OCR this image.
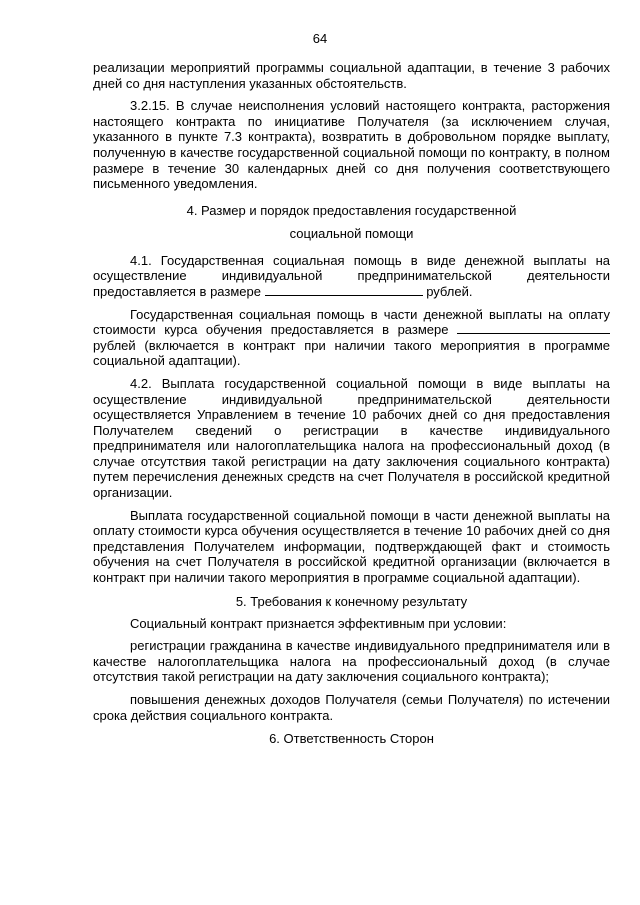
64

реализации мероприятий программы социальной адаптации, в течение 3 рабочих дней со дня наступления указанных обстоятельств.

3.2.15. В случае неисполнения условий настоящего контракта, расторжения настоящего контракта по инициативе Получателя (за исключением случая, указанного в пункте 7.3 контракта), возвратить в добровольном порядке выплату, полученную в качестве государственной социальной помощи по контракту, в полном размере в течение 30 календарных дней со дня получения соответствующего письменного уведомления.

4. Размер и порядок предоставления государственной

социальной помощи

4.1. Государственная социальная помощь в виде денежной выплаты на осуществление индивидуальной предпринимательской деятельности предоставляется в размере	рублей.

Государственная социальная помощь в части денежной выплаты на оплату стоимости курса обучения предоставляется в размере  рублей (включается в контракт при наличии такого мероприятия в программе социальной адаптации).

4.2. Выплата государственной социальной помощи в виде выплаты на осуществление индивидуальной предпринимательской деятельности осуществляется Управлением в течение 10 рабочих дней со дня предоставления Получателем сведений о регистрации в качестве индивидуального предпринимателя или налогоплательщика налога на профессиональный доход (в случае отсутствия такой регистрации на дату заключения социального контракта) путем перечисления денежных средств на счет Получателя в российской кредитной организации.

Выплата государственной социальной помощи в части денежной выплаты на оплату стоимости курса обучения осуществляется в течение 10 рабочих дней со дня представления Получателем информации, подтверждающей факт и стоимость обучения на счет Получателя в российской кредитной организации (включается в контракт при наличии такого мероприятия в программе социальной адаптации).

5. Требования к конечному результату

Социальный контракт признается эффективным при условии:

регистрации гражданина в качестве индивидуального предпринимателя или в качестве налогоплательщика налога на профессиональный доход (в случае отсутствия такой регистрации на дату заключения социального контракта);

повышения денежных доходов Получателя (семьи Получателя) по истечении срока действия социального контракта.

6. Ответственность Сторон
